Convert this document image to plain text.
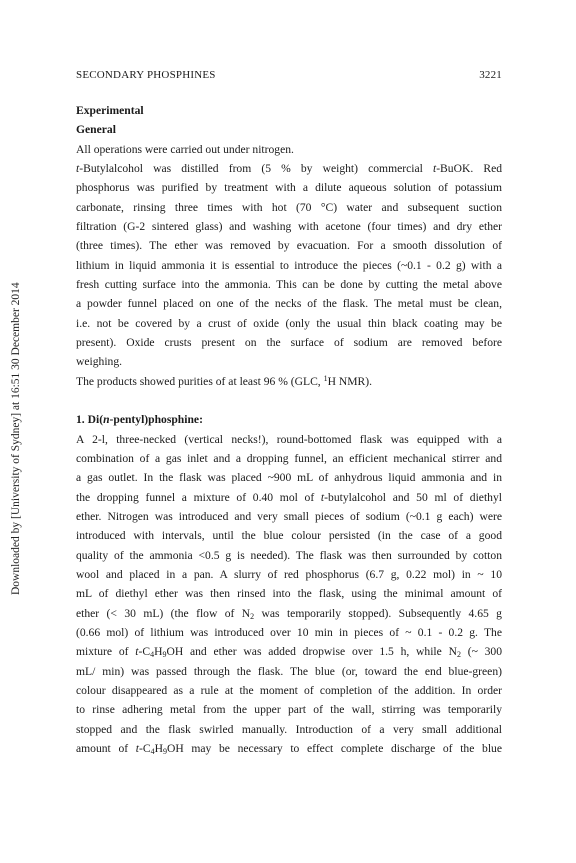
SECONDARY PHOSPHINES	3221
Downloaded by [University of Sydney] at 16:51 30 December 2014

Experimental

General

All operations were carried out under nitrogen.

t-Butylalcohol was distilled from (5 % by weight) commercial t-BuOK. Red

phosphorus was purified by treatment with a dilute aqueous solution of potassium

carbonate, rinsing three times with hot (70 °C) water and subsequent suction

filtration (G-2 sintered glass) and washing with acetone (four times) and dry ether

(three times). The ether was removed by evacuation. For a smooth dissolution of

lithium in liquid ammonia it is essential to introduce the pieces (~0.1 - 0.2 g) with a

fresh cutting surface into the ammonia. This can be done by cutting the metal above

a powder funnel placed on one of the necks of the flask. The metal must be clean,

i.e. not be covered by a crust of oxide (only the usual thin black coating may be

present). Oxide crusts present on the surface of sodium are removed before

weighing.

The products showed purities of at least 96 % (GLC, $^1$H NMR).

1. Di(n-pentyl)phosphine:

A 2-l, three-necked (vertical necks!), round-bottomed flask was equipped with a

combination of a gas inlet and a dropping funnel, an efficient mechanical stirrer and

a gas outlet. In the flask was placed ~900 mL of anhydrous liquid ammonia and in

the dropping funnel a mixture of 0.40 mol of t-butylalcohol and 50 ml of diethyl

ether. Nitrogen was introduced and very small pieces of sodium (~0.1 g each) were

introduced with intervals, until the blue colour persisted (in the case of a good

quality of the ammonia <0.5 g is needed). The flask was then surrounded by cotton

wool and placed in a pan. A slurry of red phosphorus (6.7 g, 0.22 mol) in ~ 10

mL of diethyl ether was then rinsed into the flask, using the minimal amount of

ether (< 30 mL) (the flow of $N_2$ was temporarily stopped). Subsequently 4.65 g

(0.66 mol) of lithium was introduced over 10 min in pieces of ~ 0.1 - 0.2 g. The

mixture of $t-C_4H_9OH$ and ether was added dropwise over 1.5 h, while $N_2$ (~ 300

mL/ min) was passed through the flask. The blue (or, toward the end blue-green)

colour disappeared as a rule at the moment of completion of the addition. In order

to rinse adhering metal from the upper part of the wall, stirring was temporarily

stopped and the flask swirled manually. Introduction of a very small additional

amount of $t-C_4H_9OH$ may be necessary to effect complete discharge of the blue
